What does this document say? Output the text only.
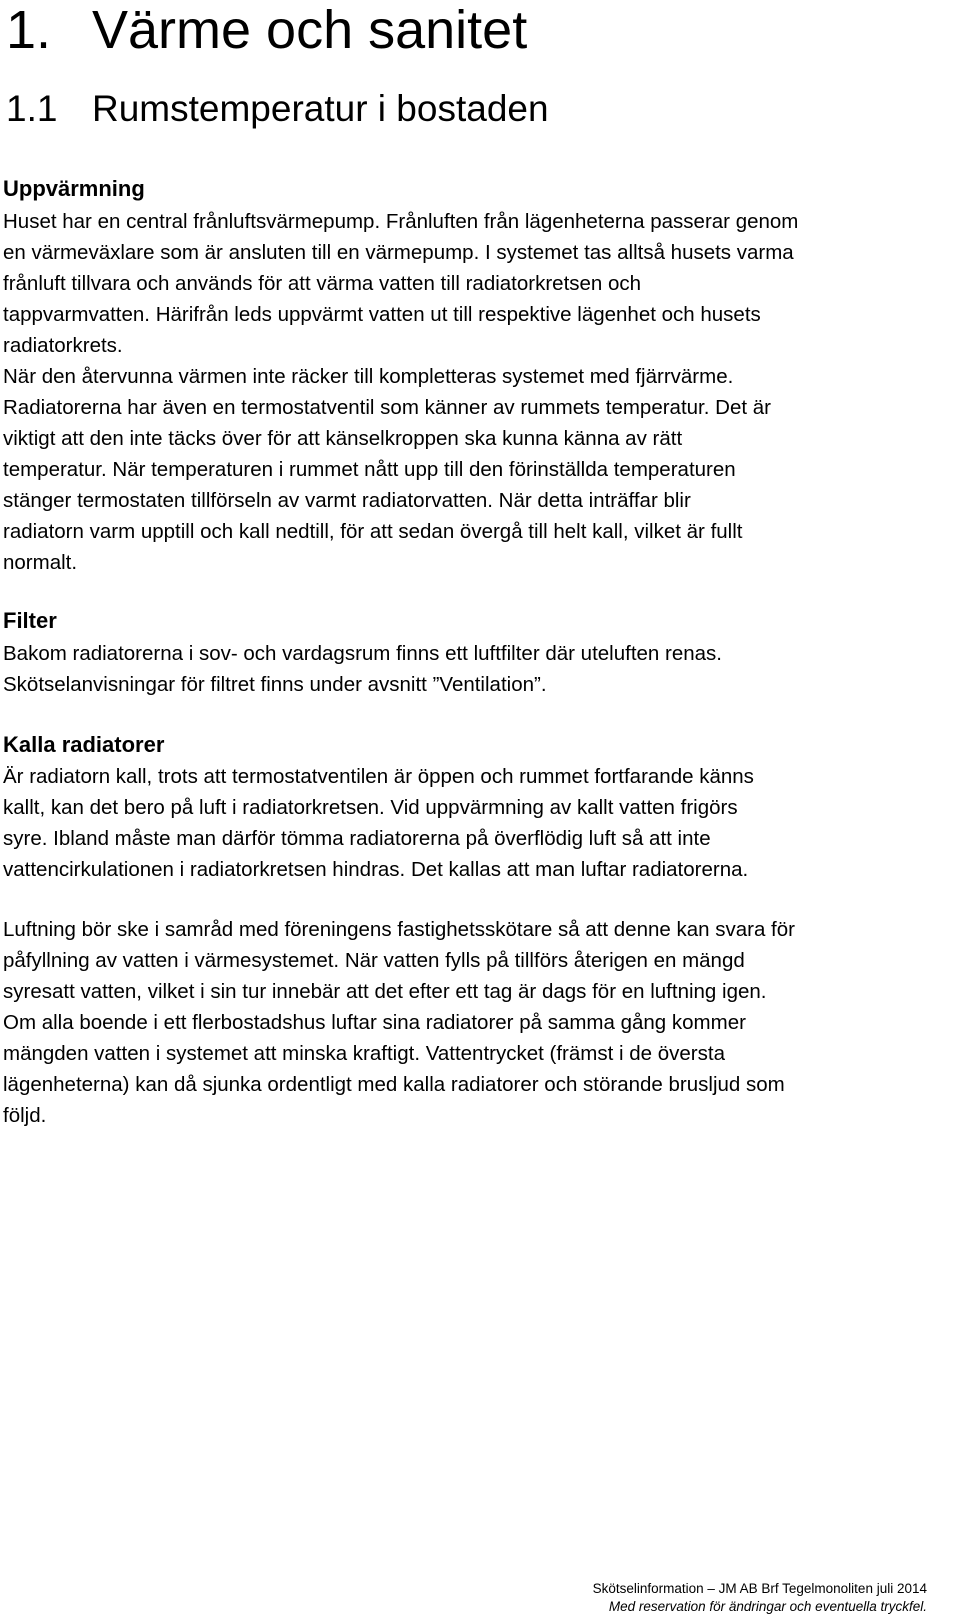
1. Värme och sanitet
1.1 Rumstemperatur i bostaden
Uppvärmning
Huset har en central frånluftsvärmepump. Frånluften från lägenheterna passerar genom
en värmeväxlare som är ansluten till en värmepump. I systemet tas alltså husets varma
frånluft tillvara och används för att värma vatten till radiatorkretsen och
tappvarmvatten. Härifrån leds uppvärmt vatten ut till respektive lägenhet och husets
radiatorkrets.
När den återvunna värmen inte räcker till kompletteras systemet med fjärrvärme.
Radiatorerna har även en termostatventil som känner av rummets temperatur. Det är
viktigt att den inte täcks över för att känselkroppen ska kunna känna av rätt
temperatur. När temperaturen i rummet nått upp till den förinställda temperaturen
stänger termostaten tillförseln av varmt radiatorvatten. När detta inträffar blir
radiatorn varm upptill och kall nedtill, för att sedan övergå till helt kall, vilket är fullt
normalt.
Filter
Bakom radiatorerna i sov- och vardagsrum finns ett luftfilter där uteluften renas.
Skötselanvisningar för filtret finns under avsnitt ”Ventilation”.
Kalla radiatorer
Är radiatorn kall, trots att termostatventilen är öppen och rummet fortfarande känns
kallt, kan det bero på luft i radiatorkretsen. Vid uppvärmning av kallt vatten frigörs
syre. Ibland måste man därför tömma radiatorerna på överflödig luft så att inte
vattencirkulationen i radiatorkretsen hindras. Det kallas att man luftar radiatorerna.
Luftning bör ske i samråd med föreningens fastighetsskötare så att denne kan svara för
påfyllning av vatten i värmesystemet. När vatten fylls på tillförs återigen en mängd
syresatt vatten, vilket i sin tur innebär att det efter ett tag är dags för en luftning igen.
Om alla boende i ett flerbostadshus luftar sina radiatorer på samma gång kommer
mängden vatten i systemet att minska kraftigt. Vattentrycket (främst i de översta
lägenheterna) kan då sjunka ordentligt med kalla radiatorer och störande brusljud som
följd.
Skötselinformation – JM AB Brf Tegelmonoliten juli 2014
Med reservation för ändringar och eventuella tryckfel.
